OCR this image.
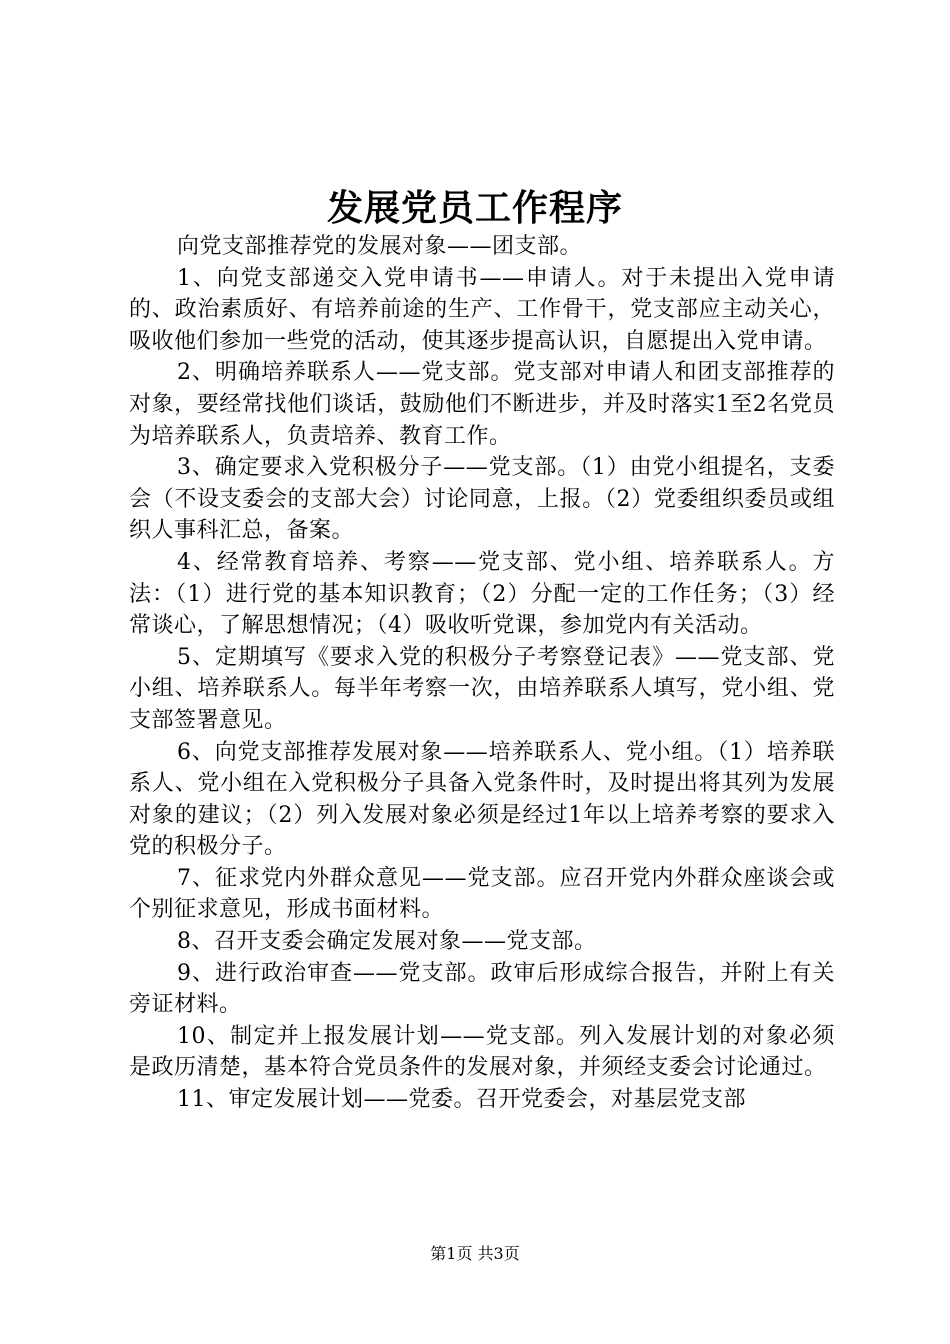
发展党员工作程序

向党支部推荐党的发展对象——团支部。

1、向党支部递交入党申请书——申请人。对于未提出入党申请的、政治素质好、有培养前途的生产、工作骨干，党支部应主动关心，吸收他们参加一些党的活动，使其逐步提高认识，自愿提出入党申请。

2、明确培养联系人——党支部。党支部对申请人和团支部推荐的对象，要经常找他们谈话，鼓励他们不断进步，并及时落实1至2名党员为培养联系人，负责培养、教育工作。

3、确定要求入党积极分子——党支部。（1）由党小组提名，支委会（不设支委会的支部大会）讨论同意，上报。（2）党委组织委员或组织人事科汇总，备案。

4、经常教育培养、考察——党支部、党小组、培养联系人。方法：（1）进行党的基本知识教育；（2）分配一定的工作任务；（3）经常谈心，了解思想情况；（4）吸收听党课，参加党内有关活动。

5、定期填写《要求入党的积极分子考察登记表》——党支部、党小组、培养联系人。每半年考察一次，由培养联系人填写，党小组、党支部签署意见。

6、向党支部推荐发展对象——培养联系人、党小组。（1）培养联系人、党小组在入党积极分子具备入党条件时，及时提出将其列为发展对象的建议；（2）列入发展对象必须是经过1年以上培养考察的要求入党的积极分子。

7、征求党内外群众意见——党支部。应召开党内外群众座谈会或个别征求意见，形成书面材料。

8、召开支委会确定发展对象——党支部。

9、进行政治审查——党支部。政审后形成综合报告，并附上有关旁证材料。

10、制定并上报发展计划——党支部。列入发展计划的对象必须是政历清楚，基本符合党员条件的发展对象，并须经支委会讨论通过。

11、审定发展计划——党委。召开党委会，对基层党支部

第1页 共3页
